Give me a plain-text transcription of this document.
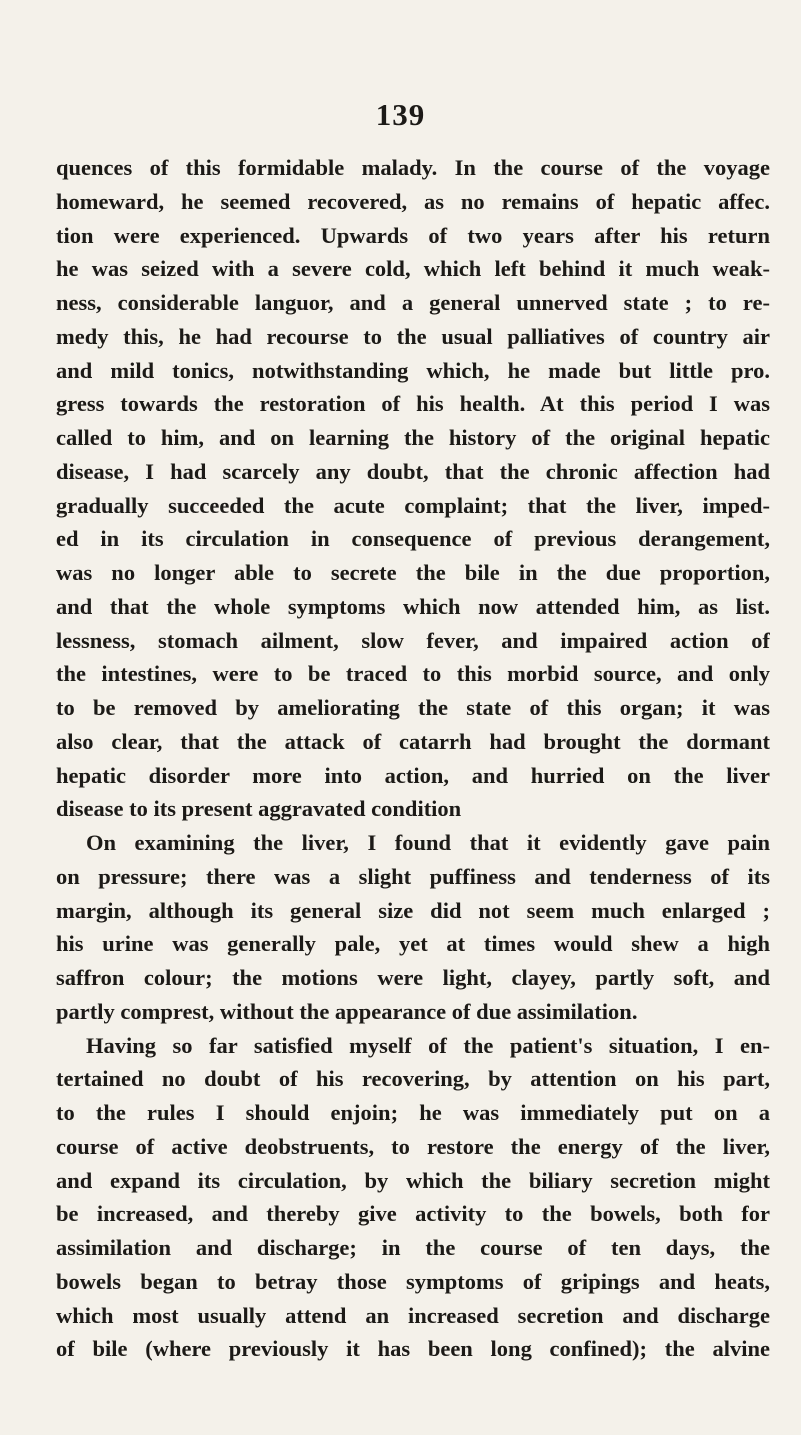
139
quences of this formidable malady. In the course of the voyage
homeward, he seemed recovered, as no remains of hepatic affec.
tion were experienced. Upwards of two years after his return
he was seized with a severe cold, which left behind it much weak-
ness, considerable languor, and a general unnerved state ; to re-
medy this, he had recourse to the usual palliatives of country air
and mild tonics, notwithstanding which, he made but little pro.
gress towards the restoration of his health. At this period I was
called to him, and on learning the history of the original hepatic
disease, I had scarcely any doubt, that the chronic affection had
gradually succeeded the acute complaint; that the liver, imped-
ed in its circulation in consequence of previous derangement,
was no longer able to secrete the bile in the due proportion,
and that the whole symptoms which now attended him, as list.
lessness, stomach ailment, slow fever, and impaired action of
the intestines, were to be traced to this morbid source, and only
to be removed by ameliorating the state of this organ; it was
also clear, that the attack of catarrh had brought the dormant
hepatic disorder more into action, and hurried on the liver
disease to its present aggravated condition
On examining the liver, I found that it evidently gave pain
on pressure; there was a slight puffiness and tenderness of its
margin, although its general size did not seem much enlarged ;
his urine was generally pale, yet at times would shew a high
saffron colour; the motions were light, clayey, partly soft, and
partly comprest, without the appearance of due assimilation.
Having so far satisfied myself of the patient's situation, I en-
tertained no doubt of his recovering, by attention on his part,
to the rules I should enjoin; he was immediately put on a
course of active deobstruents, to restore the energy of the liver,
and expand its circulation, by which the biliary secretion might
be increased, and thereby give activity to the bowels, both for
assimilation and discharge; in the course of ten days, the
bowels began to betray those symptoms of gripings and heats,
which most usually attend an increased secretion and discharge
of bile (where previously it has been long confined); the alvine
